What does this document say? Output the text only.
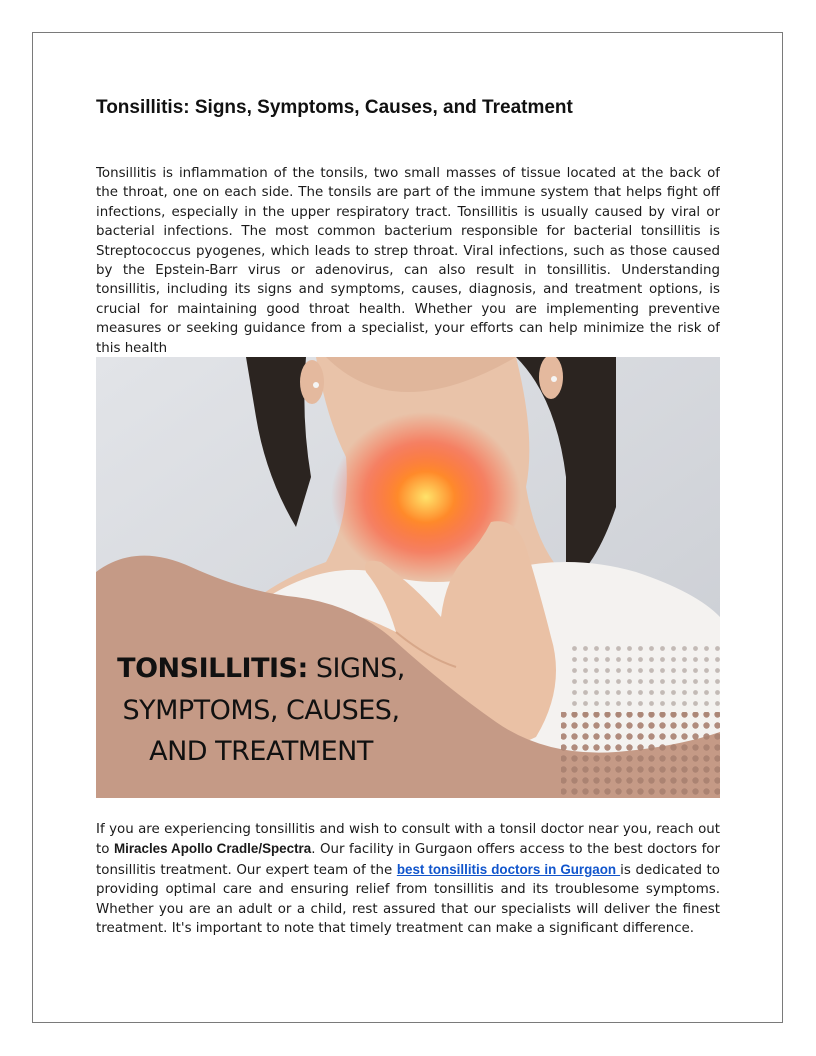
Tonsillitis: Signs, Symptoms, Causes, and Treatment

Tonsillitis is inflammation of the tonsils, two small masses of tissue located at the back of the throat, one on each side. The tonsils are part of the immune system that helps fight off infections, especially in the upper respiratory tract. Tonsillitis is usually caused by viral or bacterial infections. The most common bacterium responsible for bacterial tonsillitis is Streptococcus pyogenes, which leads to strep throat. Viral infections, such as those caused by the Epstein-Barr virus or adenovirus, can also result in tonsillitis. Understanding tonsillitis, including its signs and symptoms, causes, diagnosis, and treatment options, is crucial for maintaining good throat health. Whether you are implementing preventive measures or seeking guidance from a specialist, your efforts can help minimize the risk of this health

TONSILLITIS: SIGNS,
SYMPTOMS, CAUSES,
AND TREATMENT

If you are experiencing tonsillitis and wish to consult with a tonsil doctor near you, reach out to Miracles Apollo Cradle/Spectra. Our facility in Gurgaon offers access to the best doctors for tonsillitis treatment. Our expert team of the best tonsillitis doctors in Gurgaon is dedicated to providing optimal care and ensuring relief from tonsillitis and its troublesome symptoms. Whether you are an adult or a child, rest assured that our specialists will deliver the finest treatment. It's important to note that timely treatment can make a significant difference.
